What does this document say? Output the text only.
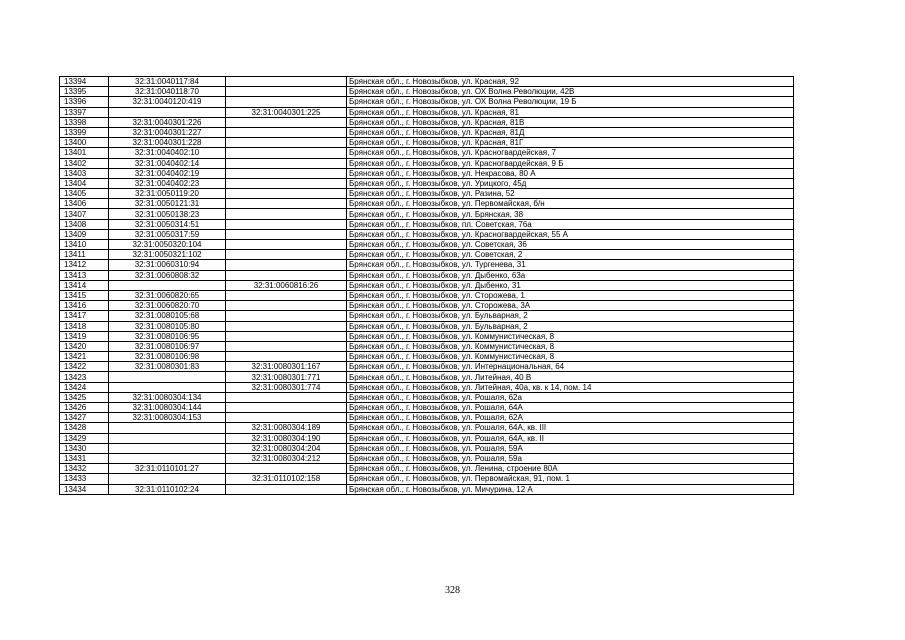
13394	32:31:0040117:84		Брянская обл., г. Новозыбков, ул. Красная, 92
13395	32:31:0040118:70		Брянская обл., г. Новозыбков, ул. ОХ Волна Революции, 42В
13396	32:31:0040120:419		Брянская обл., г. Новозыбков, ул. ОХ Волна Революции, 19 Б
13397		32:31:0040301:225	Брянская обл., г. Новозыбков, ул. Красная, 81
13398	32:31:0040301:226		Брянская обл., г. Новозыбков, ул. Красная, 81В
13399	32:31:0040301:227		Брянская обл., г. Новозыбков, ул. Красная, 81Д
13400	32:31:0040301:228		Брянская обл., г. Новозыбков, ул. Красная, 81Г
13401	32:31:0040402:10		Брянская обл., г. Новозыбков, ул. Красногвардейская, 7
13402	32:31:0040402:14		Брянская обл., г. Новозыбков, ул. Красногвардейская, 9 Б
13403	32:31:0040402:19		Брянская обл., г. Новозыбков, ул. Некрасова, 80 А
13404	32:31:0040402:23		Брянская обл., г. Новозыбков, ул. Урицкого, 45д
13405	32:31:0050119:20		Брянская обл., г. Новозыбков, ул. Разина, 52
13406	32:31:0050121:31		Брянская обл., г. Новозыбков, ул. Первомайская, б/н
13407	32:31:0050138:23		Брянская обл., г. Новозыбков, ул. Брянская, 38
13408	32:31:0050314:51		Брянская обл., г. Новозыбков, пл. Советская, 76а
13409	32:31:0050317:59		Брянская обл., г. Новозыбков, ул. Красногвардейская, 55 А
13410	32:31:0050320:104		Брянская обл., г. Новозыбков, ул. Советская, 36
13411	32:31:0050321:102		Брянская обл., г. Новозыбков, ул. Советская, 2
13412	32:31:0060310:94		Брянская обл., г. Новозыбков, ул. Тургенева, 31
13413	32:31:0060808:32		Брянская обл., г. Новозыбков, ул. Дыбенко, 63а
13414		32:31:0060816:26	Брянская обл., г. Новозыбков, ул. Дыбенко, 31
13415	32:31:0060820:65		Брянская обл., г. Новозыбков, ул. Сторожева, 1
13416	32:31:0060820:70		Брянская обл., г. Новозыбков, ул. Сторожева, 3А
13417	32:31:0080105:68		Брянская обл., г. Новозыбков, ул. Бульварная, 2
13418	32:31:0080105:80		Брянская обл., г. Новозыбков, ул. Бульварная, 2
13419	32:31:0080106:95		Брянская обл., г. Новозыбков, ул. Коммунистическая, 8
13420	32:31:0080106:97		Брянская обл., г. Новозыбков, ул. Коммунистическая, 8
13421	32:31:0080106:98		Брянская обл., г. Новозыбков, ул. Коммунистическая, 8
13422	32:31:0080301:83	32:31:0080301:167	Брянская обл., г. Новозыбков, ул. Интернациональная, 64
13423		32:31:0080301:771	Брянская обл., г. Новозыбков, ул. Литейная, 40 В
13424		32:31:0080301:774	Брянская обл., г. Новозыбков, ул. Литейная, 40а, кв. к 14, пом. 14
13425	32:31:0080304:134		Брянская обл., г. Новозыбков, ул. Рошаля, 62а
13426	32:31:0080304:144		Брянская обл., г. Новозыбков, ул. Рошаля, 64А
13427	32:31:0080304:153		Брянская обл., г. Новозыбков, ул. Рошаля, 62А
13428		32:31:0080304:189	Брянская обл., г. Новозыбков, ул. Рошаля, 64А, кв. III
13429		32:31:0080304:190	Брянская обл., г. Новозыбков, ул. Рошаля, 64А, кв. II
13430		32:31:0080304:204	Брянская обл., г. Новозыбков, ул. Рошаля, 59А
13431		32:31:0080304:212	Брянская обл., г. Новозыбков, ул. Рошаля, 59а
13432	32:31:0110101:27		Брянская обл., г. Новозыбков, ул. Ленина, строение 80А
13433		32:31:0110102:158	Брянская обл., г. Новозыбков, ул. Первомайская, 91, пом. 1
13434	32:31:0110102:24		Брянская обл., г. Новозыбков, ул. Мичурина, 12 А
328
